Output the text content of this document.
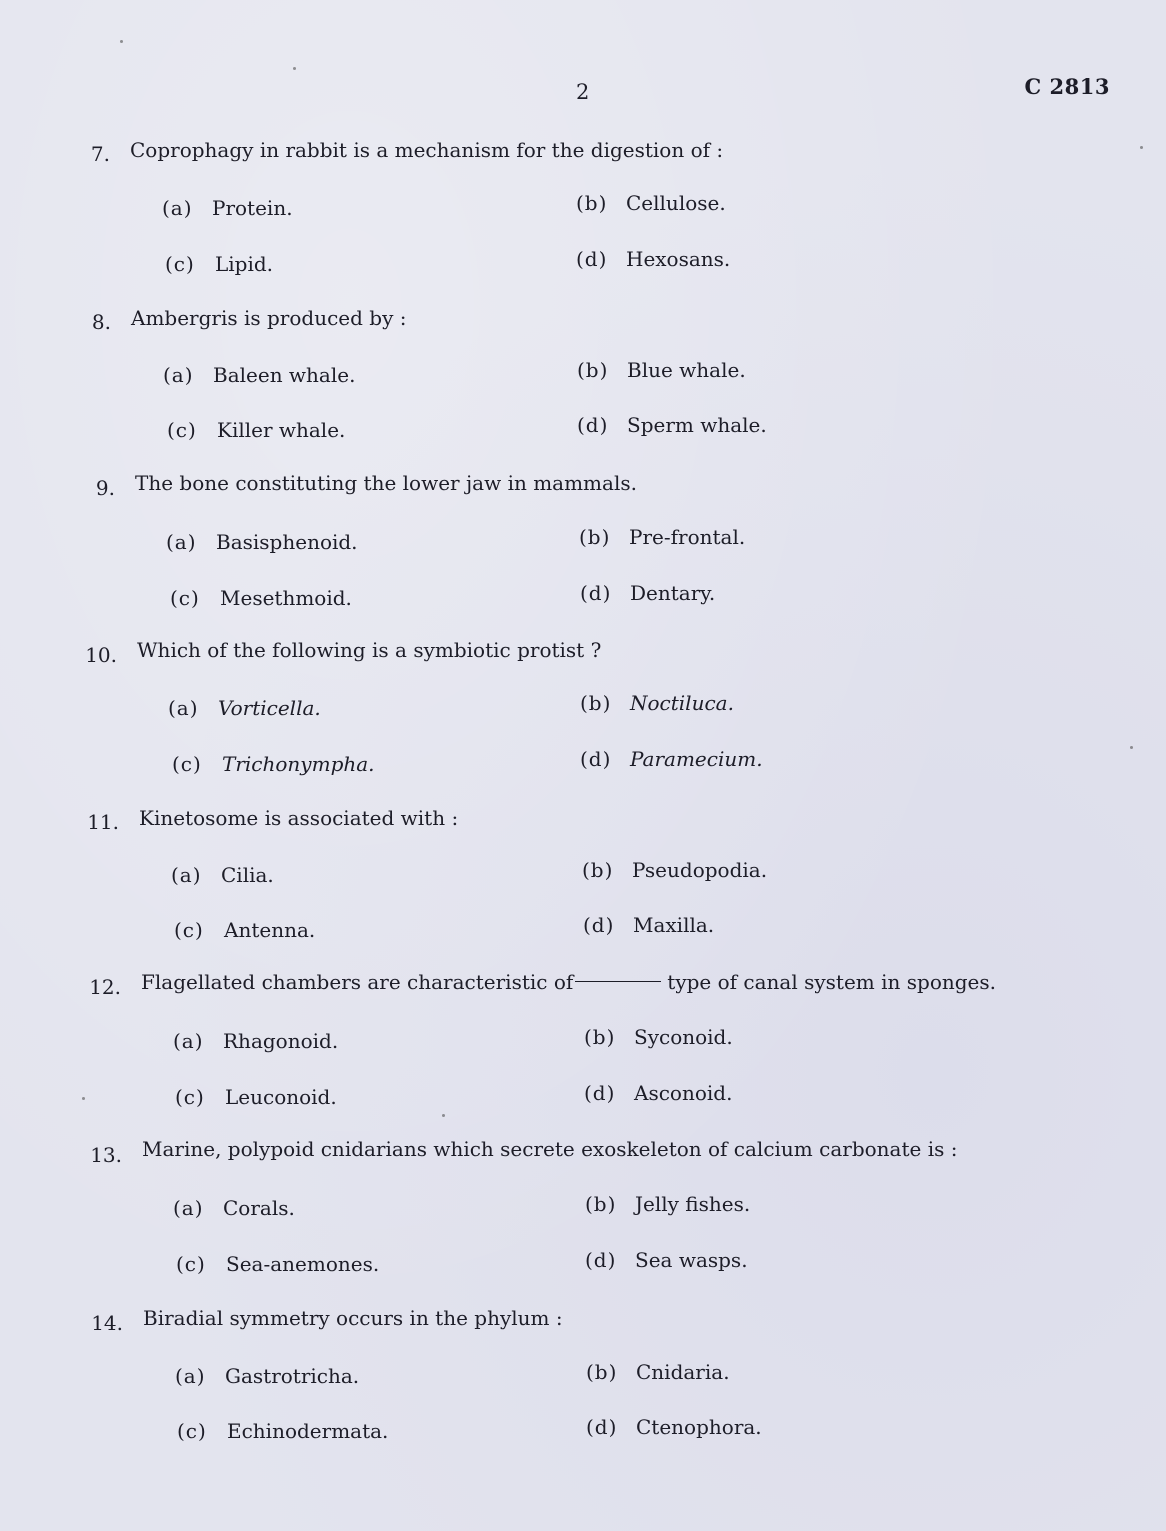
2	C 2813
7. Coprophagy in rabbit is a mechanism for the digestion of :
(a) Protein.	(b) Cellulose.
(c) Lipid.	(d) Hexosans.
8. Ambergris is produced by :
(a) Baleen whale.	(b) Blue whale.
(c) Killer whale.	(d) Sperm whale.
9. The bone constituting the lower jaw in mammals.
(a) Basisphenoid.	(b) Pre-frontal.
(c) Mesethmoid.	(d) Dentary.
10. Which of the following is a symbiotic protist ?
(a) Vorticella.	(b) Noctiluca.
(c) Trichonympha.	(d) Paramecium.
11. Kinetosome is associated with :
(a) Cilia.	(b) Pseudopodia.
(c) Antenna.	(d) Maxilla.
12. Flagellated chambers are characteristic of	type of canal system in sponges.
(a) Rhagonoid.	(b) Syconoid.
(c) Leuconoid.	(d) Asconoid.
13. Marine, polypoid cnidarians which secrete exoskeleton of calcium carbonate is :
(a) Corals.	(b) Jelly fishes.
(c) Sea-anemones.	(d) Sea wasps.
14. Biradial symmetry occurs in the phylum :
(a) Gastrotricha.	(b) Cnidaria.
(c) Echinodermata.	(d) Ctenophora.
